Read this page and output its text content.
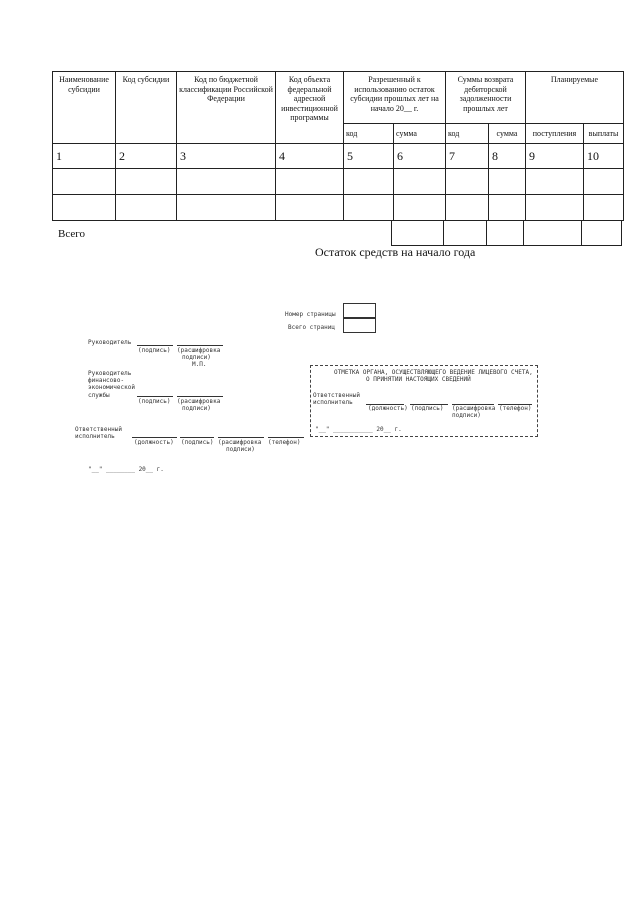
Наименование субсидии	Код субсидии	Код по бюджетной классификации Российской Федерации	Код объекта федеральной адресной инвестиционной программы	Разрешенный к использованию остаток субсидии прошлых лет на начало 20__ г.		Суммы возврата дебиторской задолженности прошлых лет		Планируемые	
				код	сумма	код	сумма	поступления	выплаты
1	2	3	4	5	6	7	8	9	10

Всего

Остаток средств на начало года
Номер страницы
Всего страниц
Руководитель
(подпись) (расшифровка
подписи)
М.П.
Руководитель финансово-экономической службы
(подпись) (расшифровка
подписи)
ОТМЕТКА ОРГАНА, ОСУЩЕСТВЛЯЮЩЕГО ВЕДЕНИЕ ЛИЦЕВОГО СЧЕТА,
О ПРИНЯТИИ НАСТОЯЩИХ СВЕДЕНИЙ
Ответственный исполнитель
(должность) (подпись) (расшифровка подписи)
(телефон)
"__" ___________ 20__ г.
Ответственный исполнитель
(должность) (подпись) (расшифровка
подписи)
(телефон)
"__" ________ 20__ г.
